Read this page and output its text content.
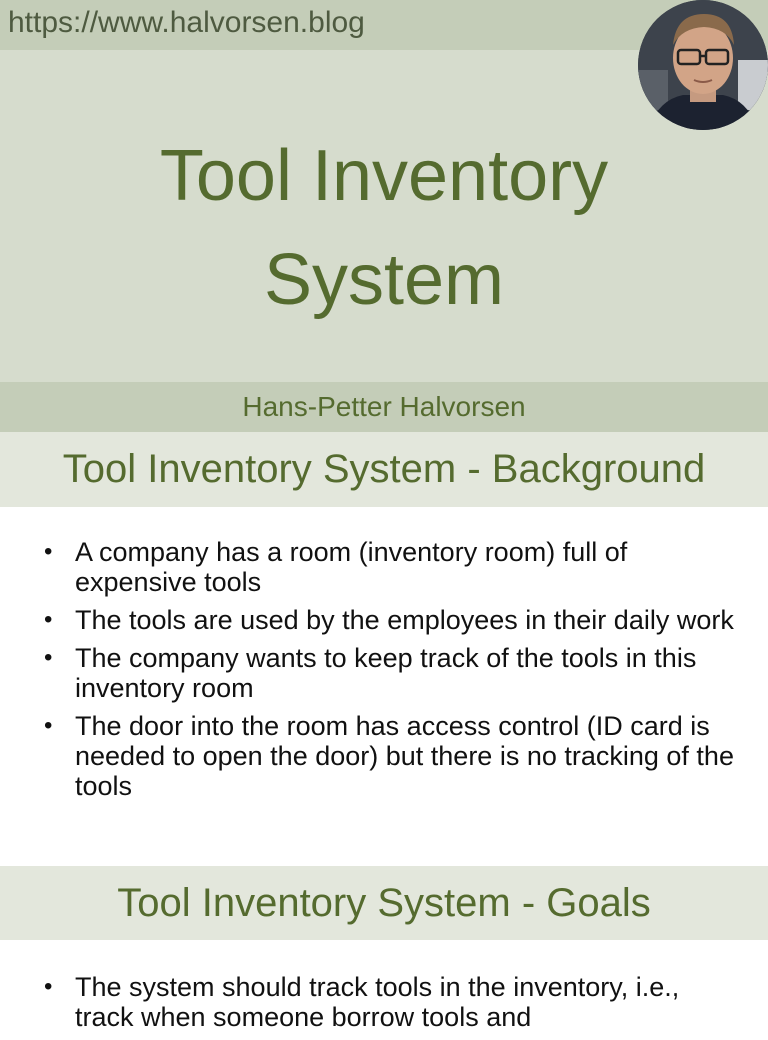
https://www.halvorsen.blog
Tool Inventory
System
Hans-Petter Halvorsen
Tool Inventory System - Background
• A company has a room (inventory room) full of expensive tools
• The tools are used by the employees in their daily work
• The company wants to keep track of the tools in this inventory room
• The door into the room has access control (ID card is needed to open the door) but there is no tracking of the tools
Tool Inventory System - Goals
• The system should track tools in the inventory, i.e., track when someone borrow tools and
